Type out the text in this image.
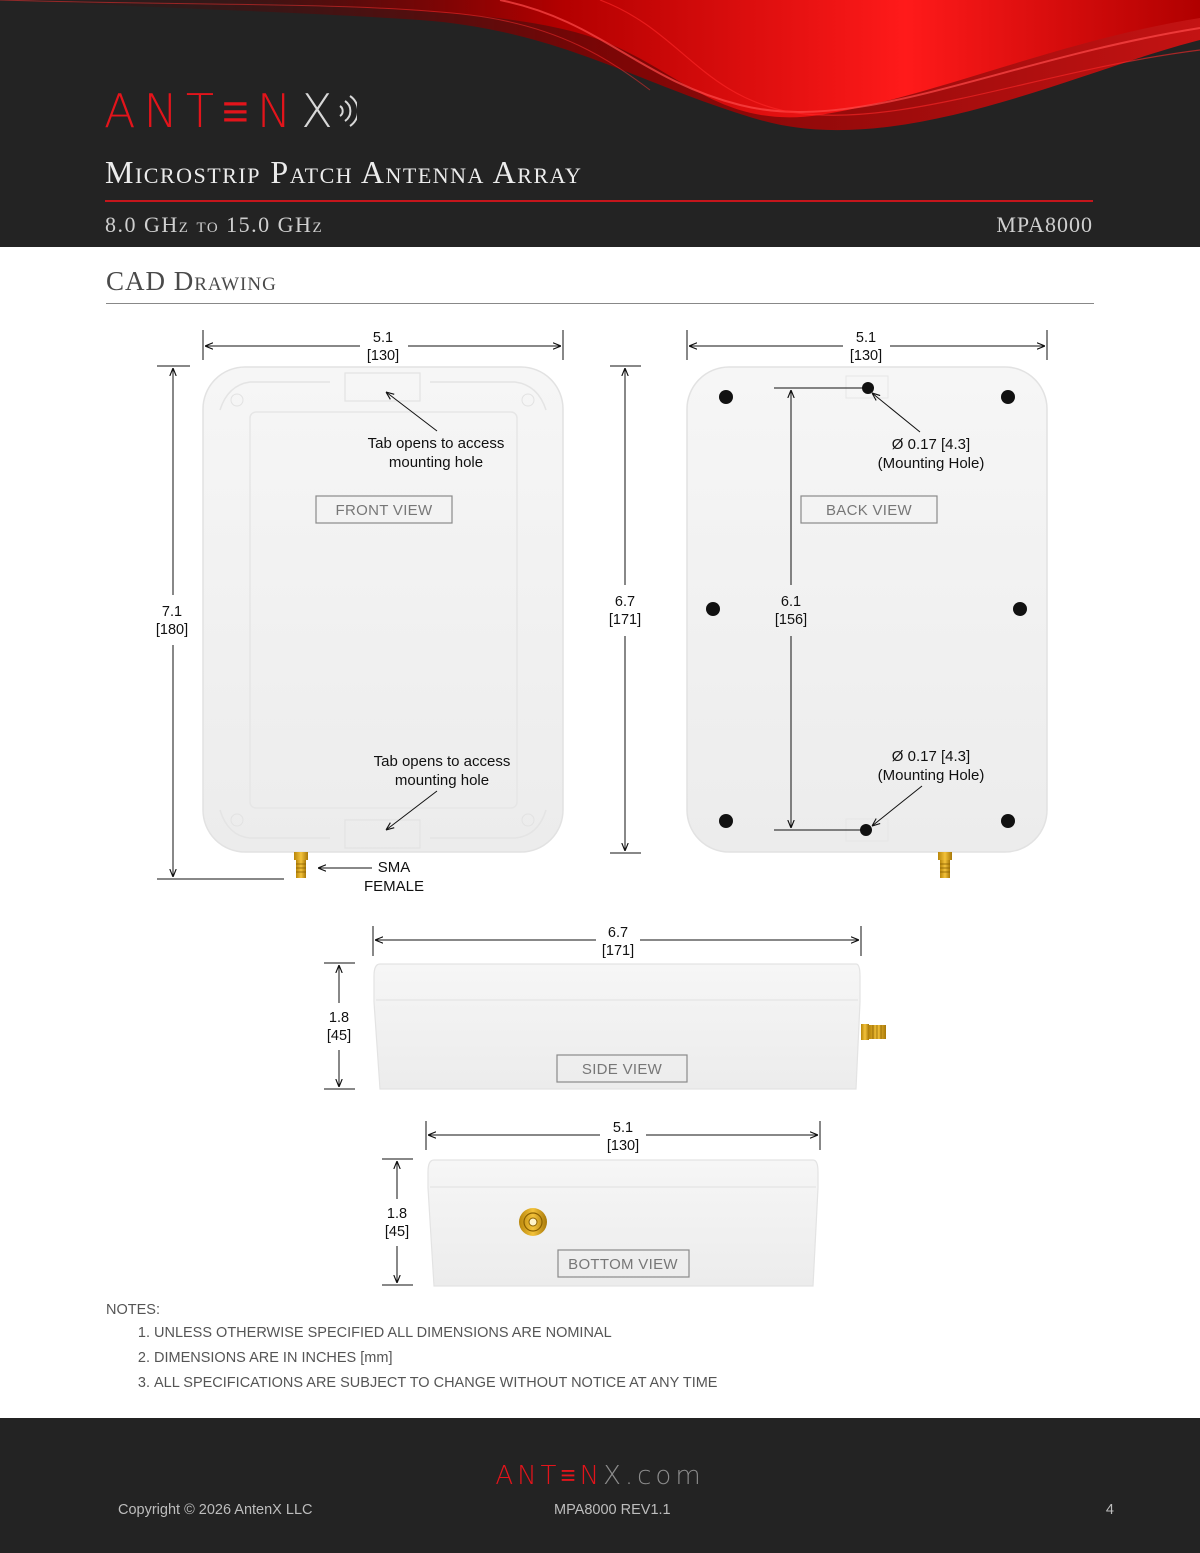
ANT≡N X
Microstrip Patch Antenna Array
8.0 GHz to 15.0 GHz	MPA8000
CAD Drawing
FRONT VIEW
5.1
[130]
7.1
[180]
Tab opens to access
mounting hole
Tab opens to access
mounting hole
SMA
FEMALE
BACK VIEW
5.1
[130]
6.7
[171]
6.1
[156]
Ø 0.17 [4.3]
(Mounting Hole)
Ø 0.17 [4.3]
(Mounting Hole)
SIDE VIEW
6.7
[171]
1.8
[45]
BOTTOM VIEW
5.1
[130]
1.8
[45]
NOTES:
1. UNLESS OTHERWISE SPECIFIED ALL DIMENSIONS ARE NOMINAL
2. DIMENSIONS ARE IN INCHES [mm]
3. ALL SPECIFICATIONS ARE SUBJECT TO CHANGE WITHOUT NOTICE AT ANY TIME
ANT≡NX.com
Copyright © 2026 AntenX LLC	MPA8000 REV1.1	4
